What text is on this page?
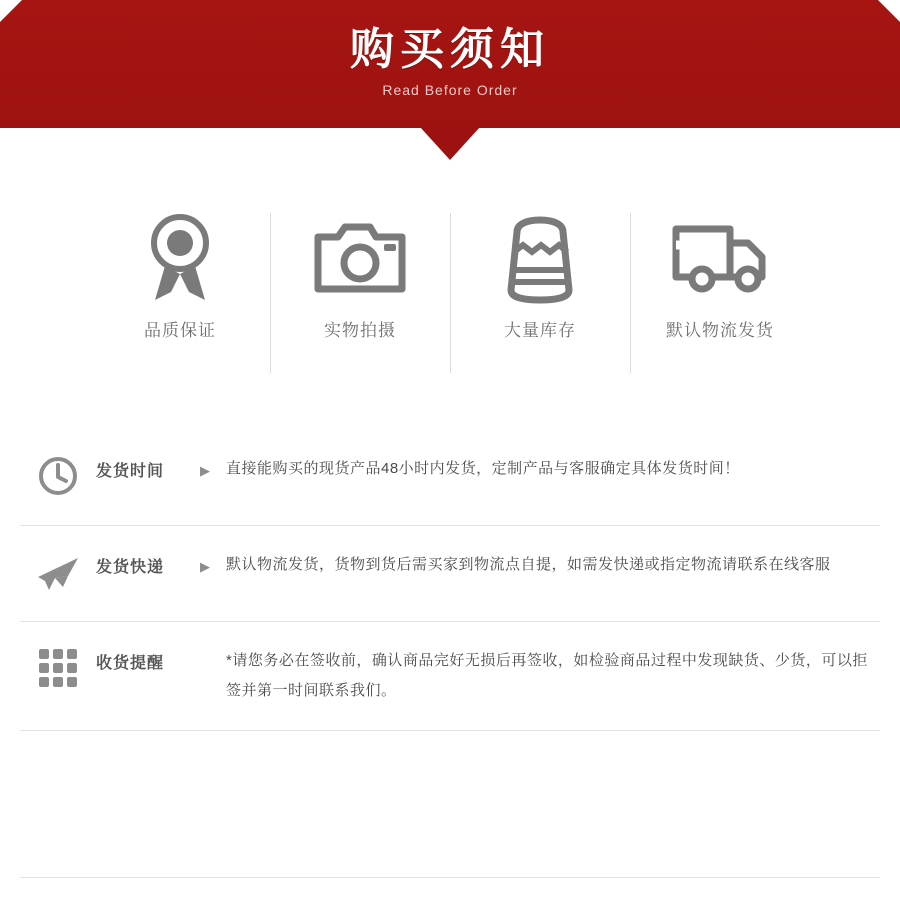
购买须知
Read Before Order
品质保证	实物拍摄	大量库存	默认物流发货
发货时间	▶	直接能购买的现货产品48小时内发货，定制产品与客服确定具体发货时间！
发货快递	▶	默认物流发货，货物到货后需买家到物流点自提，如需发快递或指定物流请联系在线客服
收货提醒	*请您务必在签收前，确认商品完好无损后再签收，如检验商品过程中发现缺货、少货，可以拒签并第一时间联系我们。
